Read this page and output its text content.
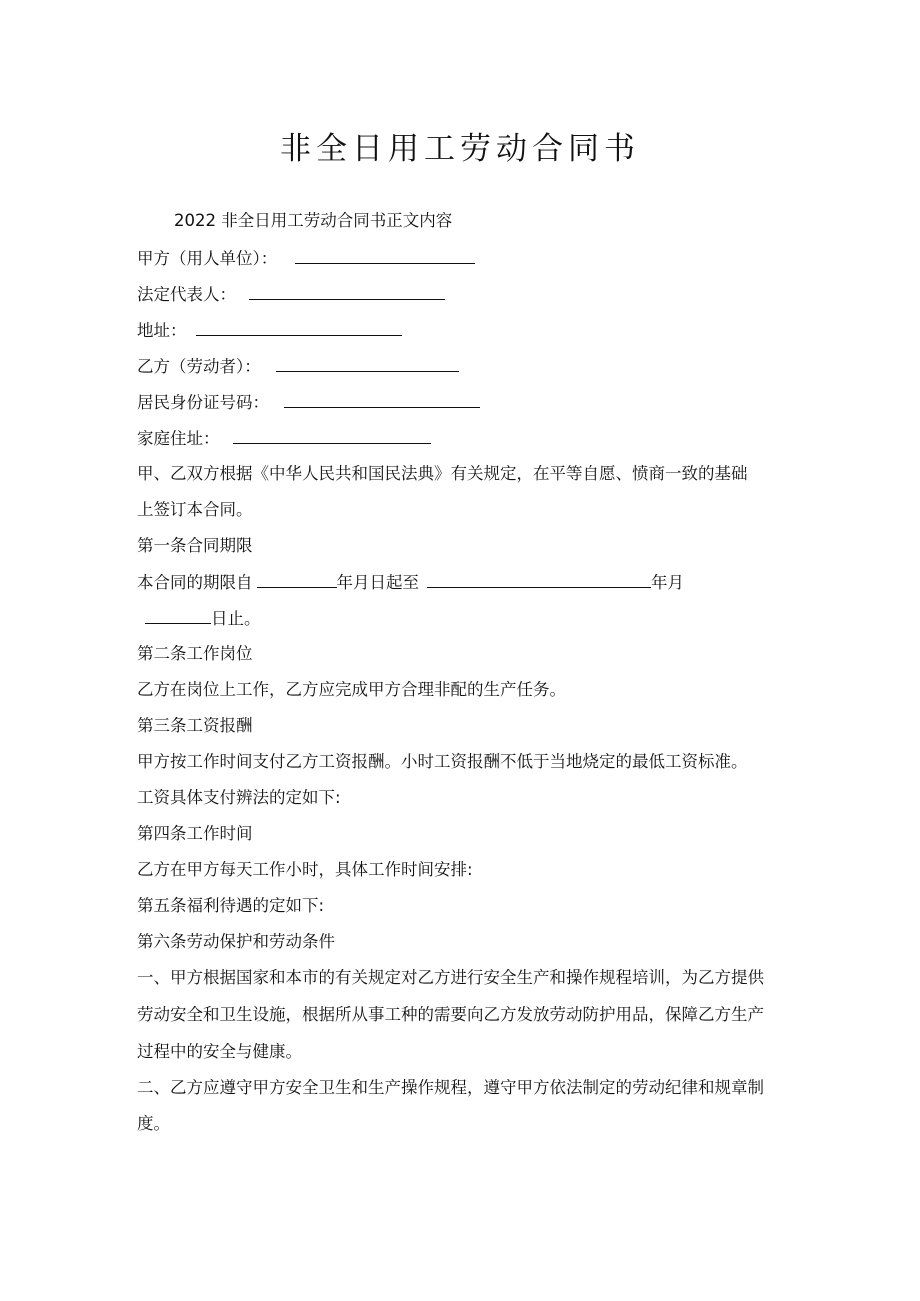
非全日用工劳动合同书
2022 非全日用工劳动合同书正文内容
甲方（用人单位）：
法定代表人：
地址：
乙方（劳动者）：
居民身份证号码：
家庭住址：
甲、乙双方根据《中华人民共和国民法典》有关规定，在平等自愿、愤商一致的基础
上签订本合同。
第一条合同期限
本合同的期限自	年月日起至	年月
日止。
第二条工作岗位
乙方在岗位上工作，乙方应完成甲方合理非配的生产任务。
第三条工资报酬
甲方按工作时间支付乙方工资报酬。小时工资报酬不低于当地烧定的最低工资标准。
工资具体支付辨法的定如下:
第四条工作时间
乙方在甲方每天工作小时，具体工作时间安排:
第五条福利待遇的定如下:
第六条劳动保护和劳动条件
一、甲方根据国家和本市的有关规定对乙方进行安全生产和操作规程培训，为乙方提供
劳动安全和卫生设施，根据所从事工种的需要向乙方发放劳动防护用品，保障乙方生产
过程中的安全与健康。
二、乙方应遵守甲方安全卫生和生产操作规程，遵守甲方依法制定的劳动纪律和规章制
度。
